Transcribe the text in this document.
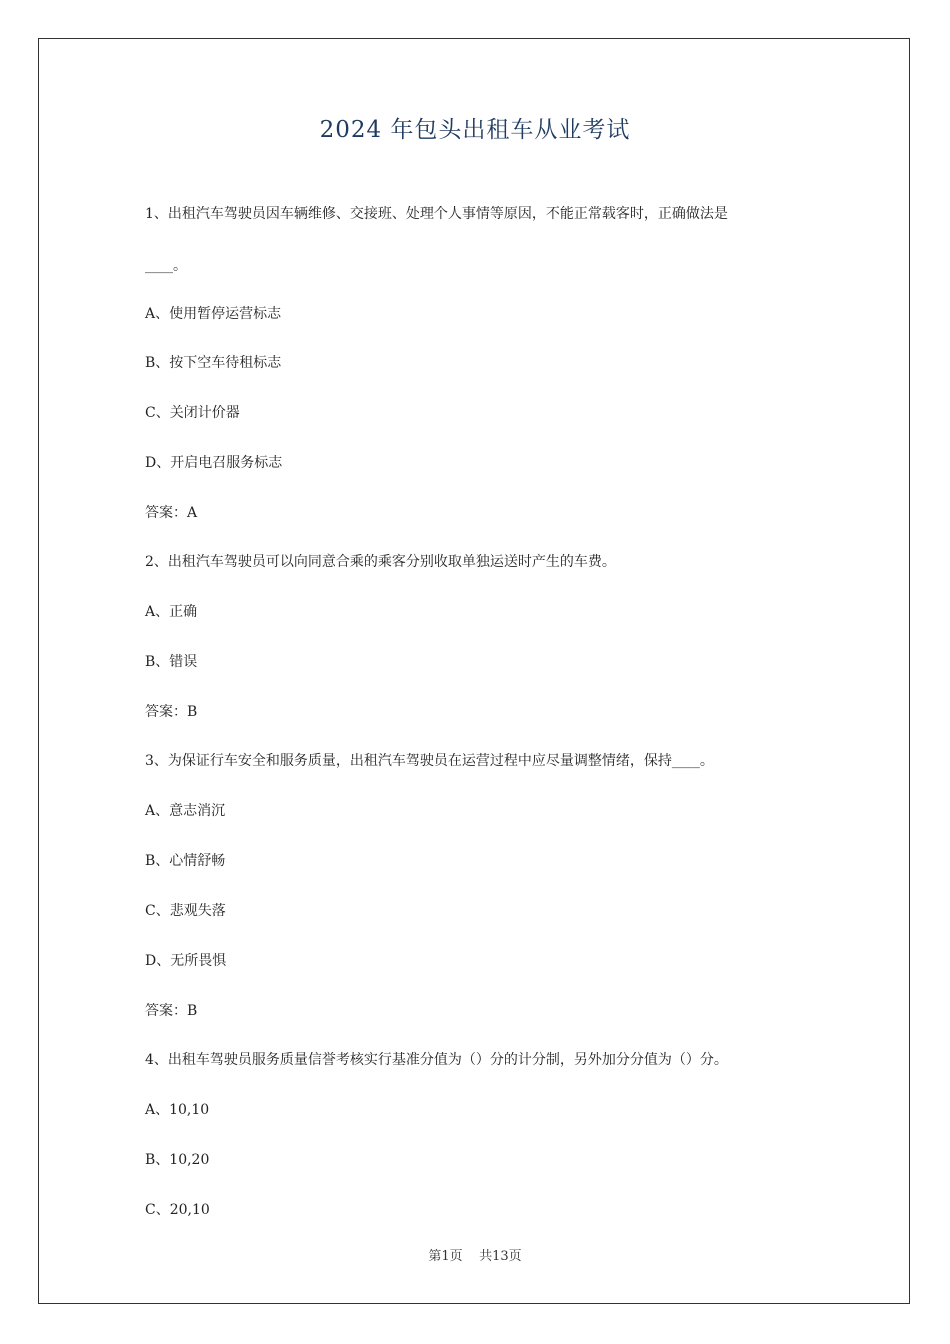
2024 年包头出租车从业考试
1、出租汽车驾驶员因车辆维修、交接班、处理个人事情等原因，不能正常载客时，正确做法是
____。
A、使用暂停运营标志
B、按下空车待租标志
C、关闭计价器
D、开启电召服务标志
答案：A
2、出租汽车驾驶员可以向同意合乘的乘客分别收取单独运送时产生的车费。
A、正确
B、错误
答案：B
3、为保证行车安全和服务质量，出租汽车驾驶员在运营过程中应尽量调整情绪，保持____。
A、意志消沉
B、心情舒畅
C、悲观失落
D、无所畏惧
答案：B
4、出租车驾驶员服务质量信誉考核实行基准分值为（）分的计分制，另外加分分值为（）分。
A、10,10
B、10,20
C、20,10
第1页    共13页
